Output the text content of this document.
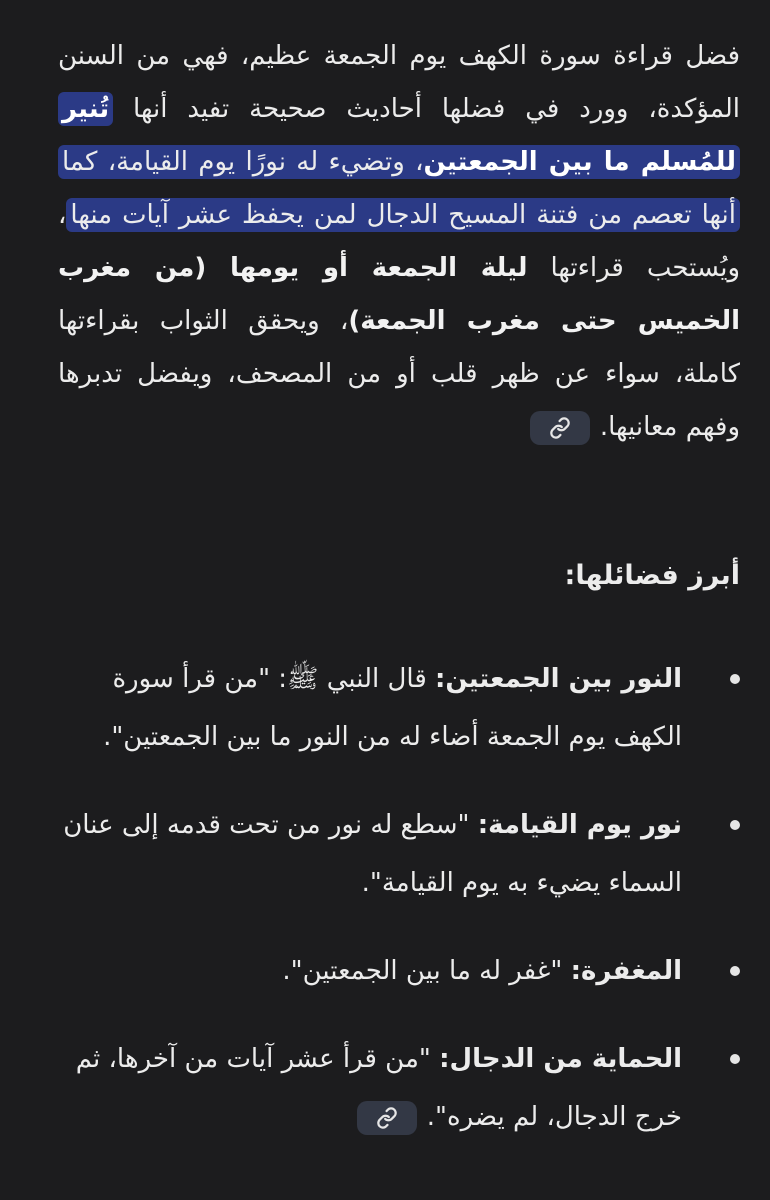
فضل قراءة سورة الكهف يوم الجمعة عظيم، فهي من السنن المؤكدة، وورد في فضلها أحاديث صحيحة تفيد أنها تُنير للمُسلم ما بين الجمعتين، وتضيء له نورًا يوم القيامة، كما أنها تعصم من فتنة المسيح الدجال لمن يحفظ عشر آيات منها، ويُستحب قراءتها ليلة الجمعة أو يومها (من مغرب الخميس حتى مغرب الجمعة)، ويحقق الثواب بقراءتها كاملة، سواء عن ظهر قلب أو من المصحف، ويفضل تدبرها وفهم معانيها.

أبرز فضائلها:
النور بين الجمعتين: قال النبي ﷺ: "من قرأ سورة الكهف يوم الجمعة أضاء له من النور ما بين الجمعتين".
نور يوم القيامة: "سطع له نور من تحت قدمه إلى عنان السماء يضيء به يوم القيامة".
المغفرة: "غفر له ما بين الجمعتين".
الحماية من الدجال: "من قرأ عشر آيات من آخرها، ثم خرج الدجال، لم يضره".
